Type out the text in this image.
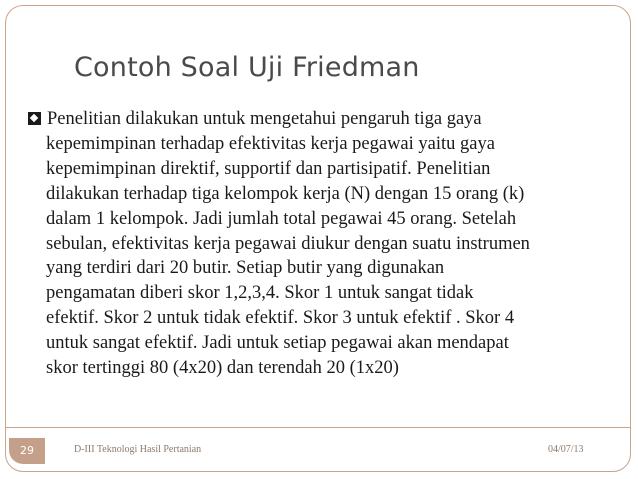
Contoh Soal Uji Friedman
Penelitian dilakukan untuk mengetahui pengaruh tiga gaya
kepemimpinan terhadap efektivitas kerja pegawai yaitu gaya
kepemimpinan direktif, supportif dan partisipatif. Penelitian
dilakukan terhadap tiga kelompok kerja (N) dengan 15 orang (k)
dalam 1 kelompok. Jadi jumlah total pegawai 45 orang. Setelah
sebulan, efektivitas kerja pegawai diukur dengan suatu instrumen
yang terdiri dari 20 butir. Setiap butir yang digunakan
pengamatan diberi skor 1,2,3,4. Skor 1 untuk sangat tidak
efektif. Skor 2 untuk tidak efektif. Skor 3 untuk efektif . Skor 4
untuk sangat efektif. Jadi untuk setiap pegawai akan mendapat
skor tertinggi 80 (4x20) dan terendah 20 (1x20)
29	D-III Teknologi Hasil Pertanian	04/07/13
